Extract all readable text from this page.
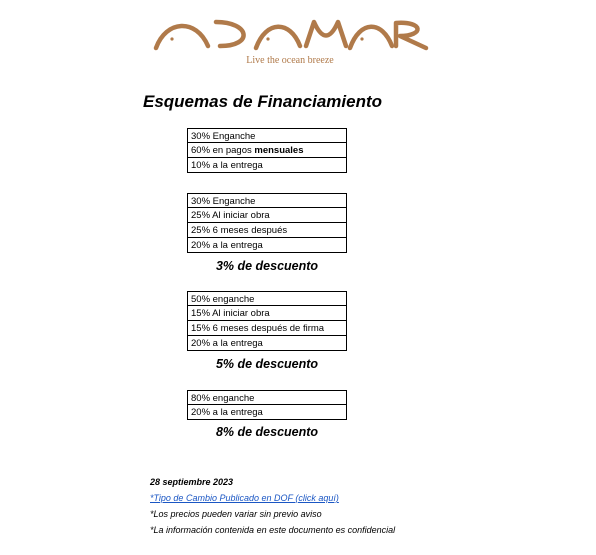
Live the ocean breeze
Esquemas de Financiamiento
30% Enganche
60% en pagos mensuales
10% a la entrega
30% Enganche
25% Al iniciar obra
25% 6 meses después
20% a la entrega
3% de descuento
50% enganche
15% Al iniciar obra
15% 6 meses después de firma
20% a la entrega
5% de descuento
80% enganche
20% a la entrega
8% de descuento
28 septiembre 2023
*Tipo de Cambio Publicado en DOF (click aquí)
*Los precios pueden variar sin previo aviso
*La información contenida en este documento es confidencial
